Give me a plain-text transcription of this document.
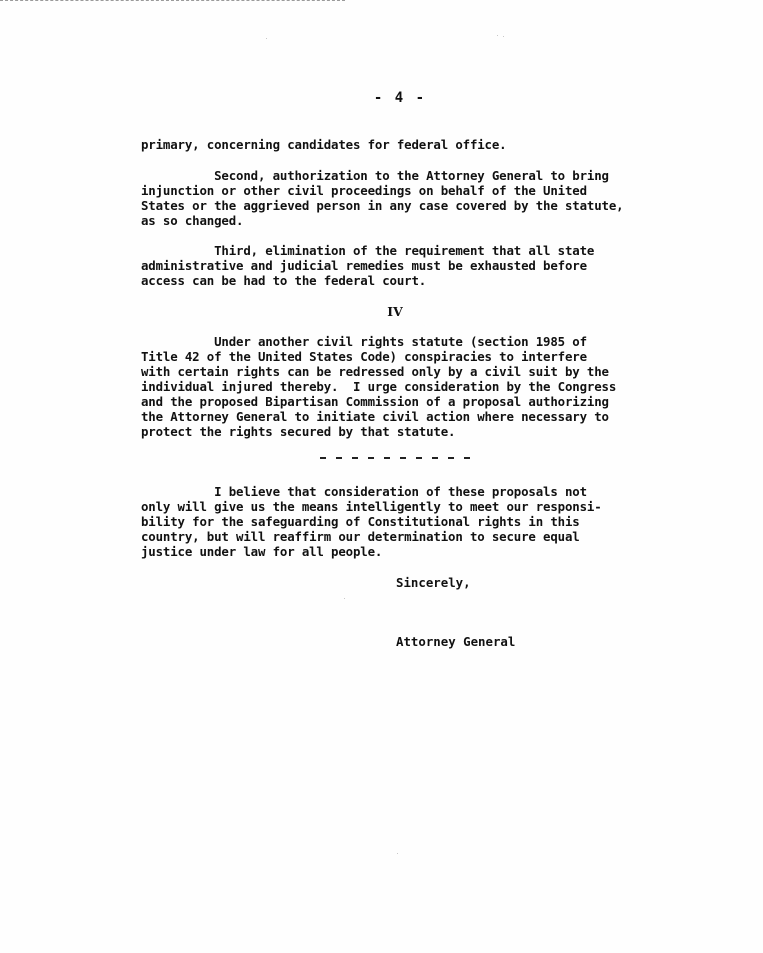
- 4 -
primary, concerning candidates for federal office.
Second, authorization to the Attorney General to bring
injunction or other civil proceedings on behalf of the United
States or the aggrieved person in any case covered by the statute,
as so changed.
Third, elimination of the requirement that all state
administrative and judicial remedies must be exhausted before
access can be had to the federal court.
IV
Under another civil rights statute (section 1985 of
Title 42 of the United States Code) conspiracies to interfere
with certain rights can be redressed only by a civil suit by the
individual injured thereby.  I urge consideration by the Congress
and the proposed Bipartisan Commission of a proposal authorizing
the Attorney General to initiate civil action where necessary to
protect the rights secured by that statute.
I believe that consideration of these proposals not
only will give us the means intelligently to meet our responsi-
bility for the safeguarding of Constitutional rights in this
country, but will reaffirm our determination to secure equal
justice under law for all people.
Sincerely,
Attorney General
